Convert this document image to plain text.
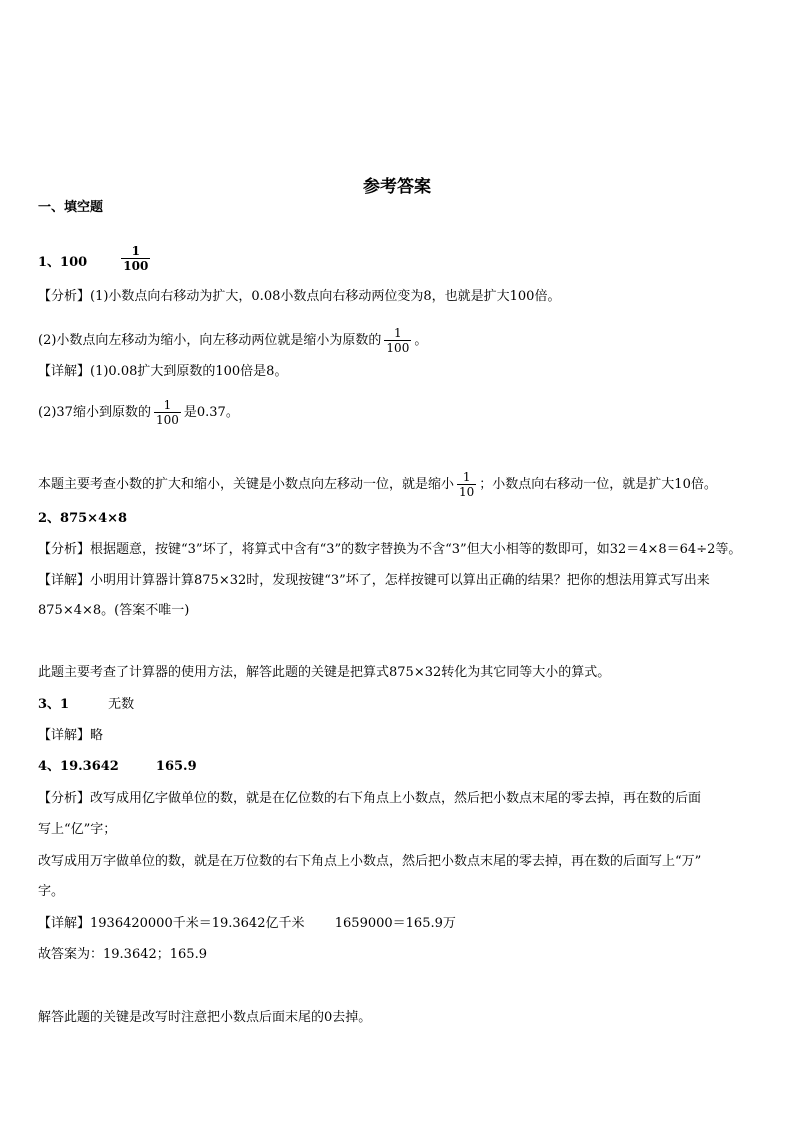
参考答案
一、填空题
1、100	$\frac{1}{100}$
【分析】(1)小数点向右移动为扩大，0.08小数点向右移动两位变为8，也就是扩大100倍。
(2)小数点向左移动为缩小，向左移动两位就是缩小为原数的 $\frac{1}{100}$ 。
【详解】(1)0.08扩大到原数的100倍是8。
(2)37缩小到原数的 $\frac{1}{100}$ 是0.37。
本题主要考查小数的扩大和缩小，关键是小数点向左移动一位，就是缩小 $\frac{1}{10}$ ；小数点向右移动一位，就是扩大10倍。
2、875×4×8
【分析】根据题意，按键“3”坏了，将算式中含有“3”的数字替换为不含“3”但大小相等的数即可，如32＝4×8＝64÷2等。
【详解】小明用计算器计算875×32时，发现按键“3”坏了，怎样按键可以算出正确的结果？把你的想法用算式写出来
875×4×8。(答案不唯一)
此题主要考查了计算器的使用方法，解答此题的关键是把算式875×32转化为其它同等大小的算式。
3、1	无数
【详解】略
4、19.3642	165.9
【分析】改写成用亿字做单位的数，就是在亿位数的右下角点上小数点，然后把小数点末尾的零去掉，再在数的后面
写上“亿”字；
改写成用万字做单位的数，就是在万位数的右下角点上小数点，然后把小数点末尾的零去掉，再在数的后面写上“万”
字。
【详解】1936420000千米＝19.3642亿千米 1659000＝165.9万
故答案为：19.3642；165.9
解答此题的关键是改写时注意把小数点后面末尾的0去掉。
